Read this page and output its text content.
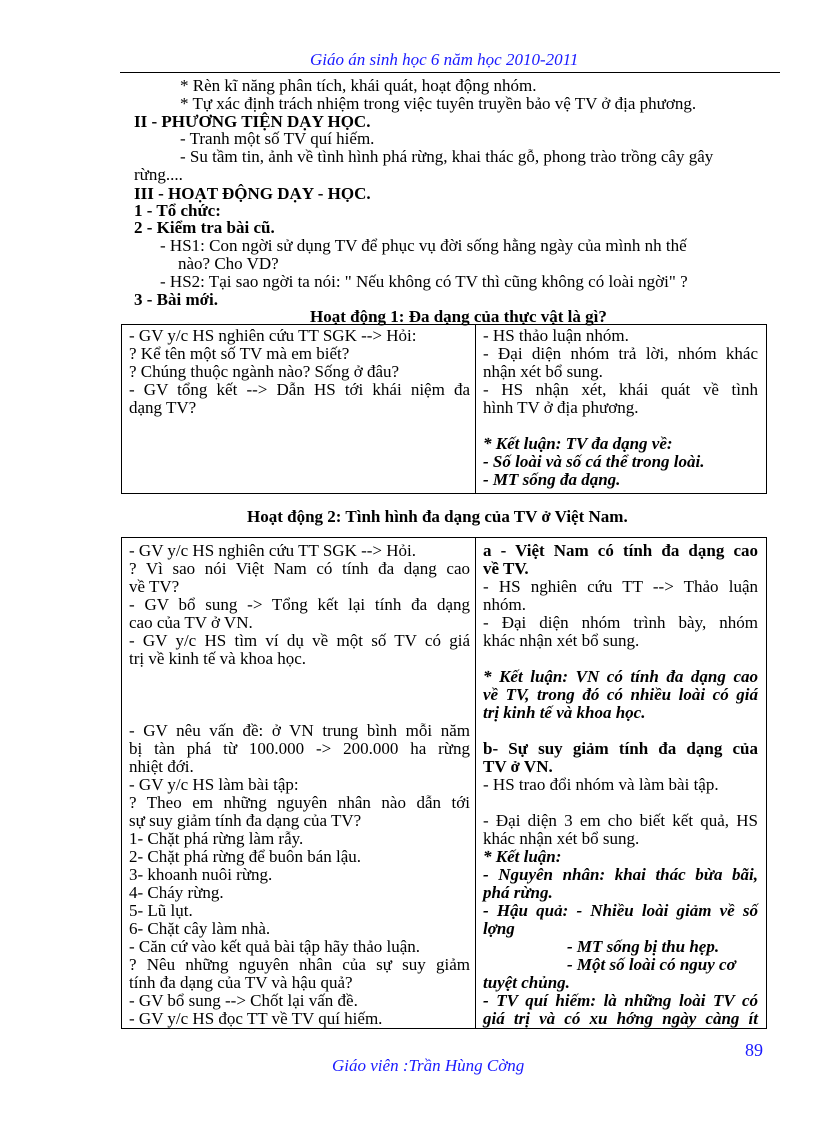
Giáo án sinh học 6 năm học 2010-2011
* Rèn kĩ năng phân tích, khái quát, hoạt động nhóm.
* Tự xác định trách nhiệm trong việc tuyên truyền bảo vệ TV ở địa phương.
II - PHƯƠNG TIỆN DẠY HỌC.
- Tranh một số TV quí hiếm.
- Su tầm tin, ảnh về tình hình phá rừng, khai thác gỗ, phong trào trồng cây gây
rừng....
III - HOẠT ĐỘNG DẠY - HỌC.
1 - Tổ chức:
2 - Kiểm tra bài cũ.
- HS1: Con ngời sử dụng TV để phục vụ đời sống hằng ngày của mình nh thế
nào? Cho VD?
- HS2: Tại sao ngời ta nói: " Nếu không có TV thì cũng không có loài ngời" ?
3 - Bài mới.
Hoạt động 1: Đa dạng của thực vật là gì?
- GV y/c HS nghiên cứu TT SGK --> Hỏi:
? Kể tên một số TV mà em biết?
? Chúng thuộc ngành nào? Sống ở đâu?
- GV tổng kết --> Dẫn HS tới khái niệm đa
dạng TV?
- HS thảo luận nhóm.
- Đại diện nhóm trả lời, nhóm khác
nhận xét bổ sung.
- HS nhận xét, khái quát về tình
hình TV ở địa phương.
* Kết luận: TV đa dạng về:
- Số loài và số cá thể trong loài.
- MT sống đa dạng.
Hoạt động 2: Tình hình đa dạng của TV ở Việt Nam.
- GV y/c HS nghiên cứu TT SGK --> Hỏi.
? Vì sao nói Việt Nam có tính đa dạng cao
về TV?
- GV bổ sung -> Tổng kết lại tính đa dạng
cao của TV ở VN.
- GV y/c HS tìm ví dụ về một số TV có giá
trị về kinh tế và khoa học.
- GV nêu vấn đề: ở VN trung bình mỗi năm
bị tàn phá từ 100.000 -> 200.000 ha rừng
nhiệt đới.
- GV y/c HS làm bài tập:
? Theo em những nguyên nhân nào dẫn tới
sự suy giảm tính đa dạng của TV?
1- Chặt phá rừng làm rẫy.
2- Chặt phá rừng để buôn bán lậu.
3- khoanh nuôi rừng.
4- Cháy rừng.
5- Lũ lụt.
6- Chặt cây làm nhà.
- Căn cứ vào kết quả bài tập hãy thảo luận.
? Nêu những nguyên nhân của sự suy giảm
tính đa dạng của TV và hậu quả?
- GV bổ sung --> Chốt lại vấn đề.
- GV y/c HS đọc TT về TV quí hiếm.
a - Việt Nam có tính đa dạng cao
về TV.
- HS nghiên cứu TT --> Thảo luận
nhóm.
- Đại diện nhóm trình bày, nhóm
khác nhận xét bổ sung.
* Kết luận: VN có tính đa dạng cao
về TV, trong đó có nhiều loài có giá
trị kinh tế và khoa học.
b- Sự suy giảm tính đa dạng của
TV ở VN.
- HS trao đổi nhóm và làm bài tập.
- Đại diện 3 em cho biết kết quả, HS
khác nhận xét bổ sung.
* Kết luận:
- Nguyên nhân: khai thác bừa bãi,
phá rừng.
- Hậu quả: - Nhiều loài giảm về số
lợng
- MT sống bị thu hẹp.
- Một số loài có nguy cơ
tuyệt chủng.
- TV quí hiếm: là những loài TV có
giá trị và có xu hớng ngày càng ít
89
Giáo viên :Trần Hùng Cờng
